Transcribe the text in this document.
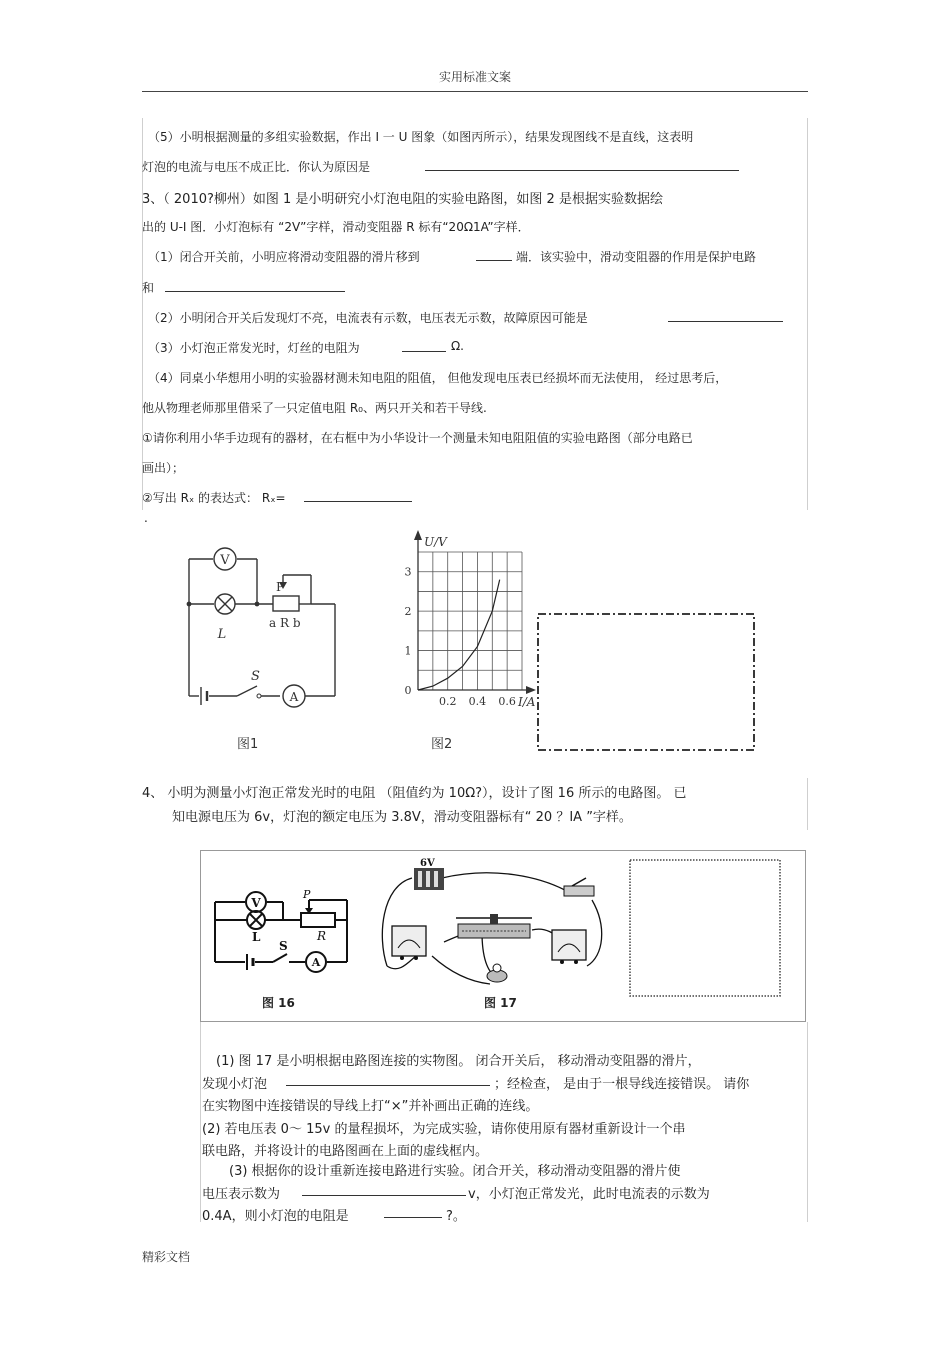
实用标准文案
（5）小明根据测量的多组实验数据，作出 I 一 U 图象（如图丙所示），结果发现图线不是直线，这表明
灯泡的电流与电压不成正比．你认为原因是
3、（ 2010?柳州）如图 1 是小明研究小灯泡电阻的实验电路图，如图 2 是根据实验数据绘
出的 U-I 图．小灯泡标有 “2V”字样，滑动变阻器 R 标有“20Ω1A”字样．
（1）闭合开关前，小明应将滑动变阻器的滑片移到	端．该实验中，滑动变阻器的作用是保护电路
和
（2）小明闭合开关后发现灯不亮，电流表有示数，电压表无示数，故障原因可能是
（3）小灯泡正常发光时，灯丝的电阻为	Ω.
（4）同桌小华想用小明的实验器材测未知电阻的阻值， 但他发现电压表已经损坏而无法使用， 经过思考后，
他从物理老师那里借采了一只定值电阻 R₀、两只开关和若干导线.
①请你利用小华手边现有的器材，在右框中为小华设计一个测量未知电阻阻值的实验电路图（部分电路已
画出）；
②写出 Rₓ 的表达式： Rₓ=
.
V
A
L
S
P
a R b
图1
0
1
2
3
0.2 0.4 0.6
U/V
I/A
图2
4、 小明为测量小灯泡正常发光时的电阻 （阻值约为 10Ω?），设计了图 16 所示的电路图。 已
知电源电压为 6v，灯泡的额定电压为 3.8V，滑动变阻器标有“ 20 ？IA ”字样。
V
A
L
S
P
R
图 16
6V
图 17
(1) 图 17 是小明根据电路图连接的实物图。 闭合开关后， 移动滑动变阻器的滑片，
发现小灯泡	；经检查， 是由于一根导线连接错误。 请你
在实物图中连接错误的导线上打“×”并补画出正确的连线。
(2) 若电压表 0～ 15v 的量程损坏，为完成实验，请你使用原有器材重新设计一个串
联电路，并将设计的电路图画在上面的虚线框内。
(3) 根据你的设计重新连接电路进行实验。闭合开关，移动滑动变阻器的滑片使
电压表示数为	v，小灯泡正常发光，此时电流表的示数为
0.4A，则小灯泡的电阻是	?。
精彩文档
